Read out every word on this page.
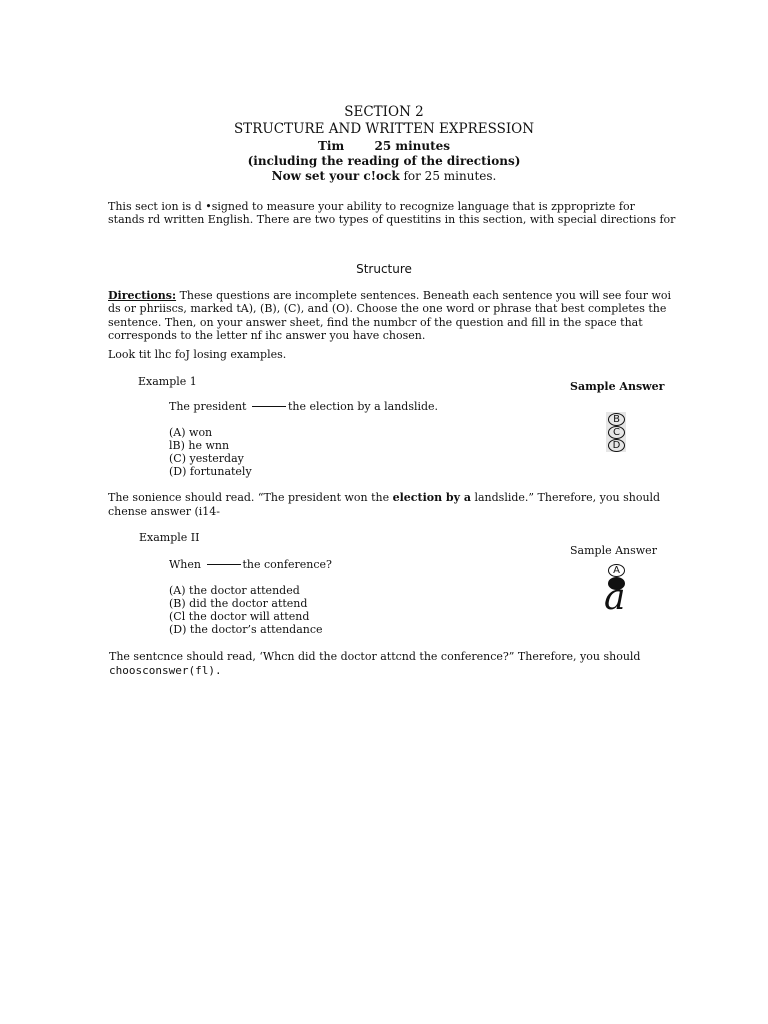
SECTION 2
STRUCTURE AND WRITTEN EXPRESSION
Tim	25 minutes
(including the reading of the directions)
Now set your c!ock for 25 minutes.
This sect ion is d •signed to measure your ability to recognize language that is zpproprizte for
stands rd written English. There are two types of questitins in this section, with special directions for
Structure
Directions: These questions are incomplete sentences. Beneath each sentence you will see four woi
ds or phriiscs, marked tA), (B), (C), and (O). Choose the one word or phrase that best completes the
sentence. Then, on your answer sheet, find the numbcr of the question and fill in the space that
corresponds to the letter nf ihc answer you have chosen.
Look tit lhc foJ losing examples.
Example 1	Sample Answer
The president	the election by a landslide.
(A) won
lB) he wnn
(C) yesterday
(D) fortunately
B
C
D
The sonience should read. “The president won the election by a landslide.” Therefore, you should
chense answer (i14-
Example II
Sample Answer
When	the conference?
(A) the doctor attended
(B) did the doctor attend
(Cl the doctor will attend
(D) the doctor’s attendance
A
a
The sentcnce should read, ‘Whcn did the doctor attcnd the conference?” Therefore, you should
choosconswer(fl).
